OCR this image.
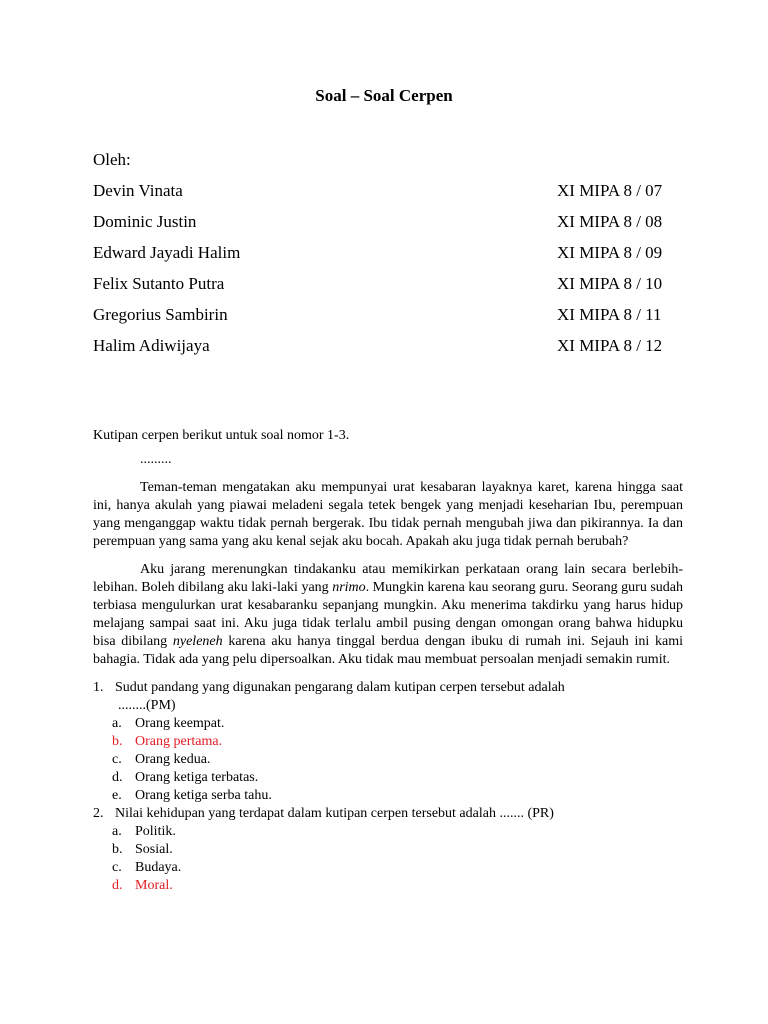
Soal – Soal Cerpen
Oleh:
Devin Vinata	XI MIPA 8 / 07
Dominic Justin	XI MIPA 8 / 08
Edward Jayadi Halim	XI MIPA 8 / 09
Felix Sutanto Putra	XI MIPA 8 / 10
Gregorius Sambirin	XI MIPA 8 / 11
Halim Adiwijaya	XI MIPA 8 / 12

Kutipan cerpen berikut untuk soal nomor 1-3.

.........

Teman-teman mengatakan aku mempunyai urat kesabaran layaknya karet, karena hingga saat ini, hanya akulah yang piawai meladeni segala tetek bengek yang menjadi keseharian Ibu, perempuan yang menganggap waktu tidak pernah bergerak. Ibu tidak pernah mengubah jiwa dan pikirannya. Ia dan perempuan yang sama yang aku kenal sejak aku bocah. Apakah aku juga tidak pernah berubah?

Aku jarang merenungkan tindakanku atau memikirkan perkataan orang lain secara berlebih-lebihan. Boleh dibilang aku laki-laki yang nrimo. Mungkin karena kau seorang guru. Seorang guru sudah terbiasa mengulurkan urat kesabaranku sepanjang mungkin. Aku menerima takdirku yang harus hidup melajang sampai saat ini. Aku juga tidak terlalu ambil pusing dengan omongan orang bahwa hidupku bisa dibilang nyeleneh karena aku hanya tinggal berdua dengan ibuku di rumah ini. Sejauh ini kami bahagia. Tidak ada yang pelu dipersoalkan. Aku tidak mau membuat persoalan menjadi semakin rumit.

1. Sudut pandang yang digunakan pengarang dalam kutipan cerpen tersebut adalah
........(PM)
a. Orang keempat.
b. Orang pertama.
c. Orang kedua.
d. Orang ketiga terbatas.
e. Orang ketiga serba tahu.
2. Nilai kehidupan yang terdapat dalam kutipan cerpen tersebut adalah ....... (PR)
a. Politik.
b. Sosial.
c. Budaya.
d. Moral.
